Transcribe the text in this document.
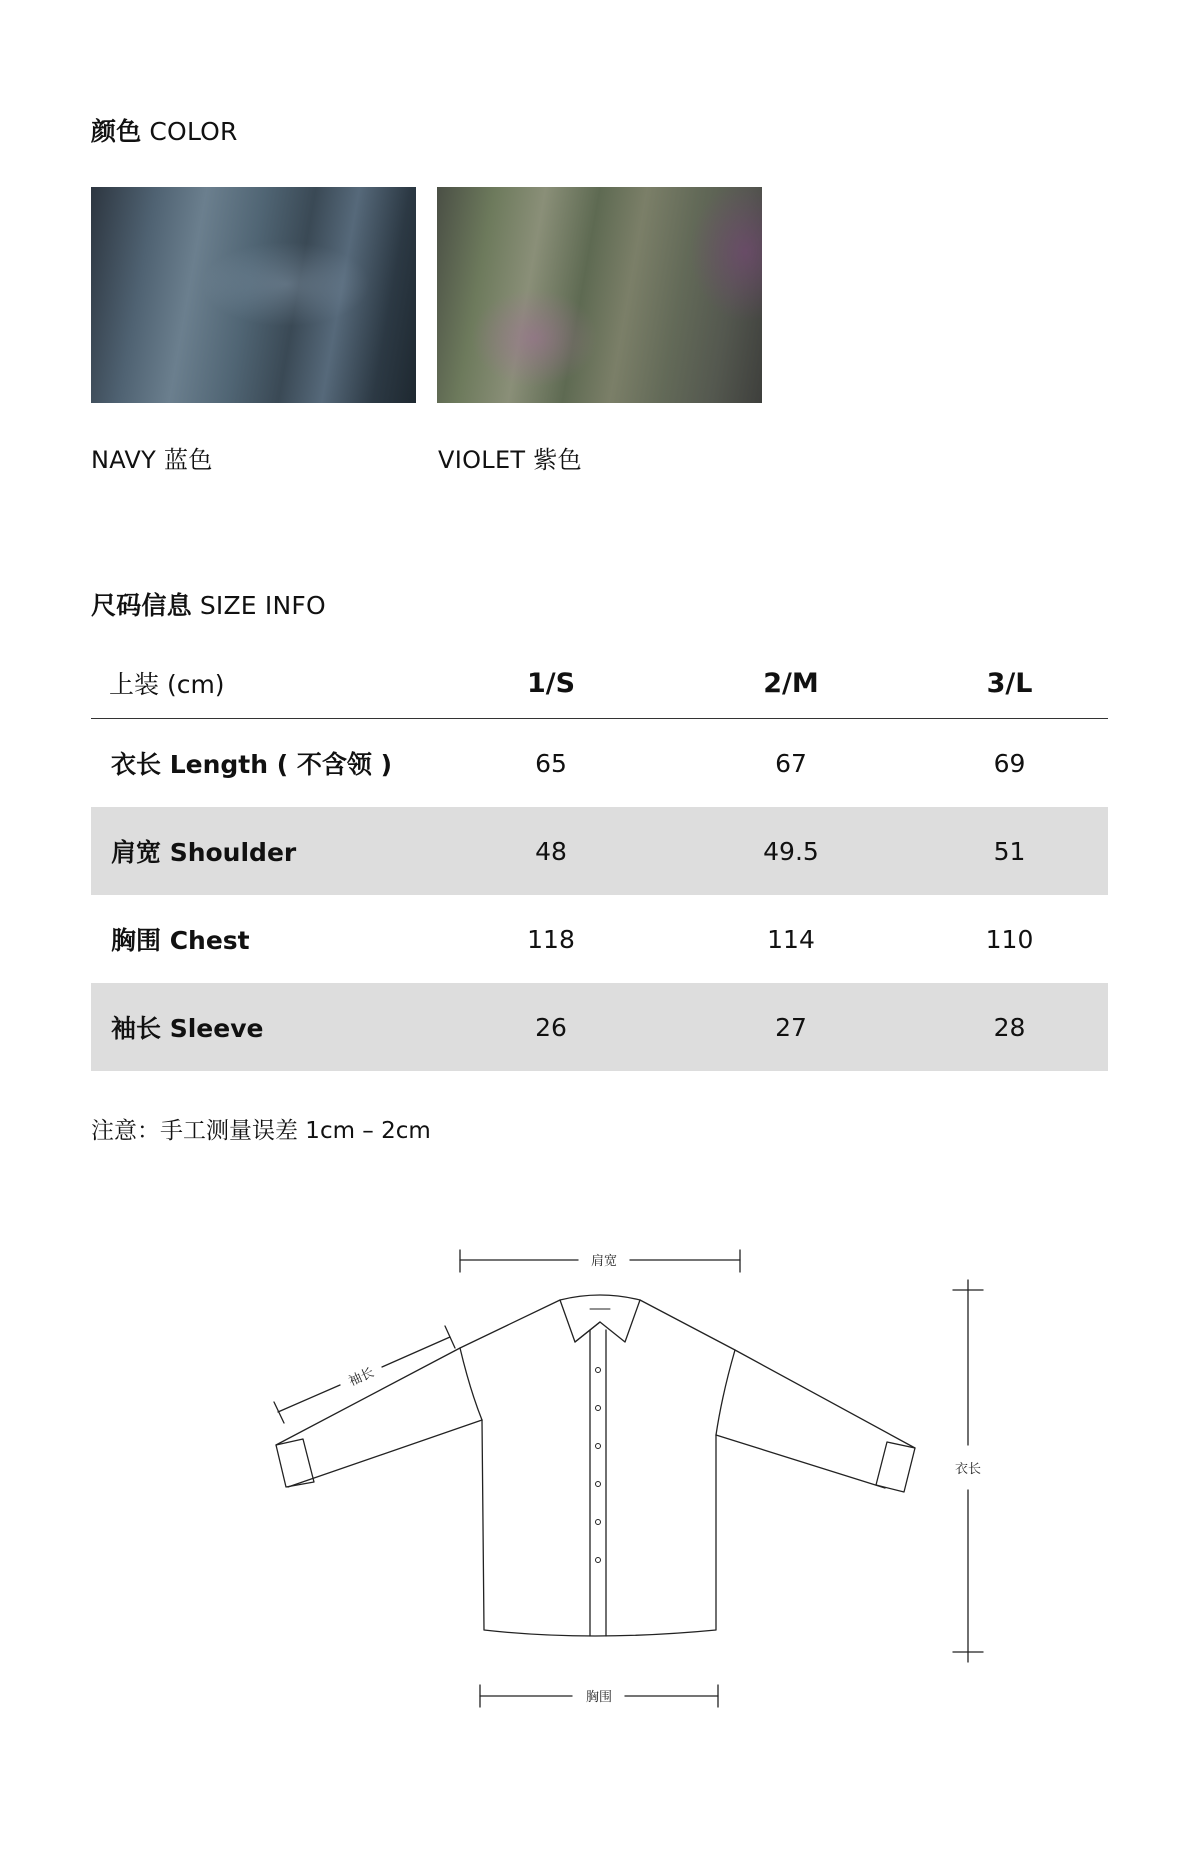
颜色 COLOR
NAVY 蓝色	VIOLET 紫色
尺码信息 SIZE INFO
上装 (cm)	1/S	2/M	3/L
衣长 Length ( 不含领 )	65	67	69
肩宽 Shoulder	48	49.5	51
胸围 Chest	118	114	110
袖长 Sleeve	26	27	28
注意：手工测量误差 1cm – 2cm
肩宽
袖长
衣长
胸围
